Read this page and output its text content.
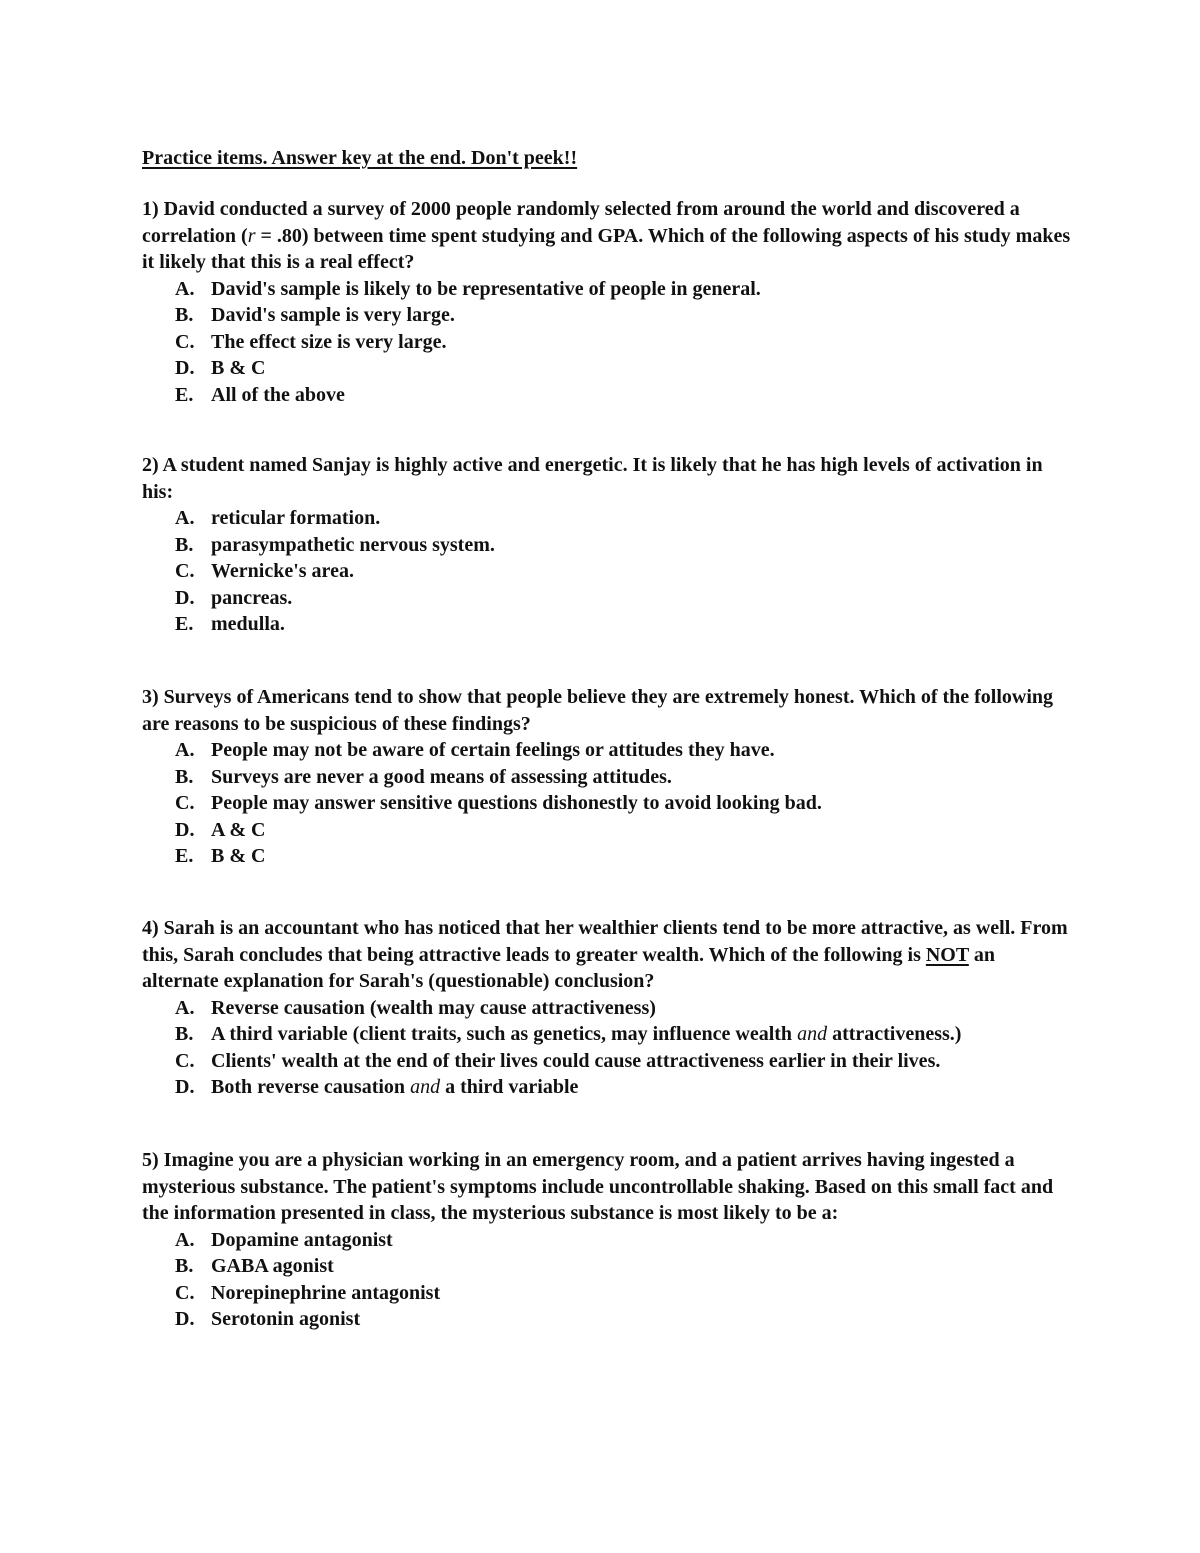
Practice items. Answer key at the end. Don't peek!!

1) David conducted a survey of 2000 people randomly selected from around the world and discovered a correlation (r = .80) between time spent studying and GPA. Which of the following aspects of his study makes it likely that this is a real effect?

A. David's sample is likely to be representative of people in general.
B. David's sample is very large.
C. The effect size is very large.
D. B & C
E. All of the above

2) A student named Sanjay is highly active and energetic. It is likely that he has high levels of activation in his:

A. reticular formation.
B. parasympathetic nervous system.
C. Wernicke's area.
D. pancreas.
E. medulla.

3) Surveys of Americans tend to show that people believe they are extremely honest. Which of the following are reasons to be suspicious of these findings?

A. People may not be aware of certain feelings or attitudes they have.
B. Surveys are never a good means of assessing attitudes.
C. People may answer sensitive questions dishonestly to avoid looking bad.
D. A & C
E. B & C

4) Sarah is an accountant who has noticed that her wealthier clients tend to be more attractive, as well. From this, Sarah concludes that being attractive leads to greater wealth. Which of the following is NOT an alternate explanation for Sarah's (questionable) conclusion?

A. Reverse causation (wealth may cause attractiveness)
B. A third variable (client traits, such as genetics, may influence wealth and attractiveness.)
C. Clients' wealth at the end of their lives could cause attractiveness earlier in their lives.
D. Both reverse causation and a third variable

5) Imagine you are a physician working in an emergency room, and a patient arrives having ingested a mysterious substance. The patient's symptoms include uncontrollable shaking. Based on this small fact and the information presented in class, the mysterious substance is most likely to be a:

A. Dopamine antagonist
B. GABA agonist
C. Norepinephrine antagonist
D. Serotonin agonist
